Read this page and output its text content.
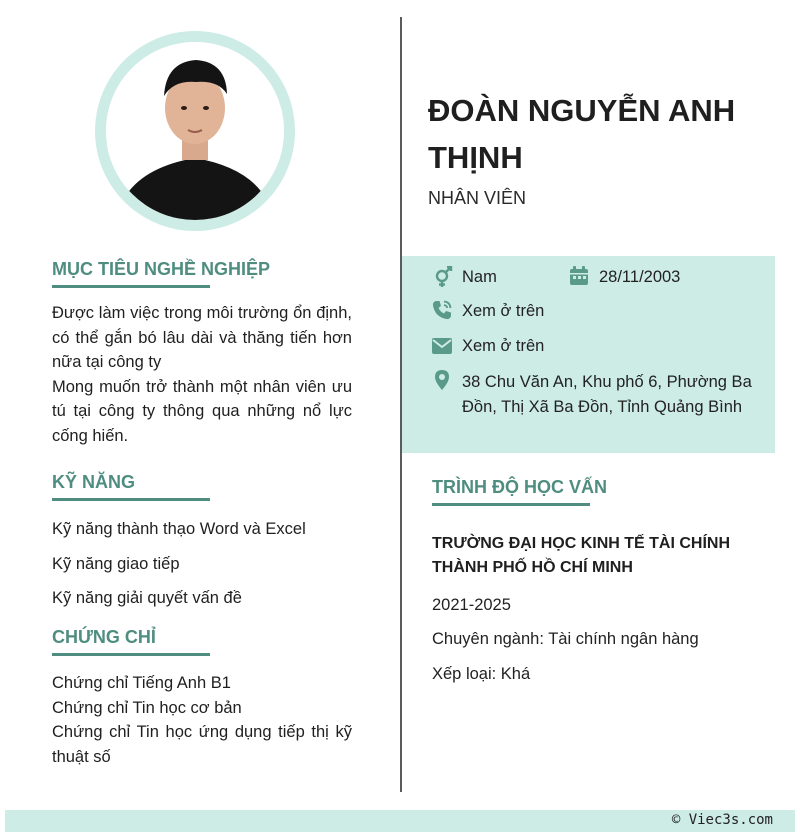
MỤC TIÊU NGHỀ NGHIỆP
Được làm việc trong môi trường ổn định, có thể gắn bó lâu dài và thăng tiến hơn nữa tại công ty
Mong muốn trở thành một nhân viên ưu tú tại công ty thông qua những nổ lực cống hiến.
KỸ NĂNG
Kỹ năng thành thạo Word và Excel
Kỹ năng giao tiếp
Kỹ năng giải quyết vấn đề
CHỨNG CHỈ
Chứng chỉ Tiếng Anh B1
Chứng chỉ Tin học cơ bản
Chứng chỉ Tin học ứng dụng tiếp thị kỹ thuật số
ĐOÀN NGUYỄN ANH THỊNH
NHÂN VIÊN
Nam	28/11/2003
Xem ở trên
Xem ở trên
38 Chu Văn An, Khu phố 6, Phường Ba Đồn, Thị Xã Ba Đồn, Tỉnh Quảng Bình
TRÌNH ĐỘ HỌC VẤN
TRƯỜNG ĐẠI HỌC KINH TẾ TÀI CHÍNH THÀNH PHỐ HỒ CHÍ MINH
2021-2025
Chuyên ngành: Tài chính ngân hàng
Xếp loại: Khá
© Viec3s.com
